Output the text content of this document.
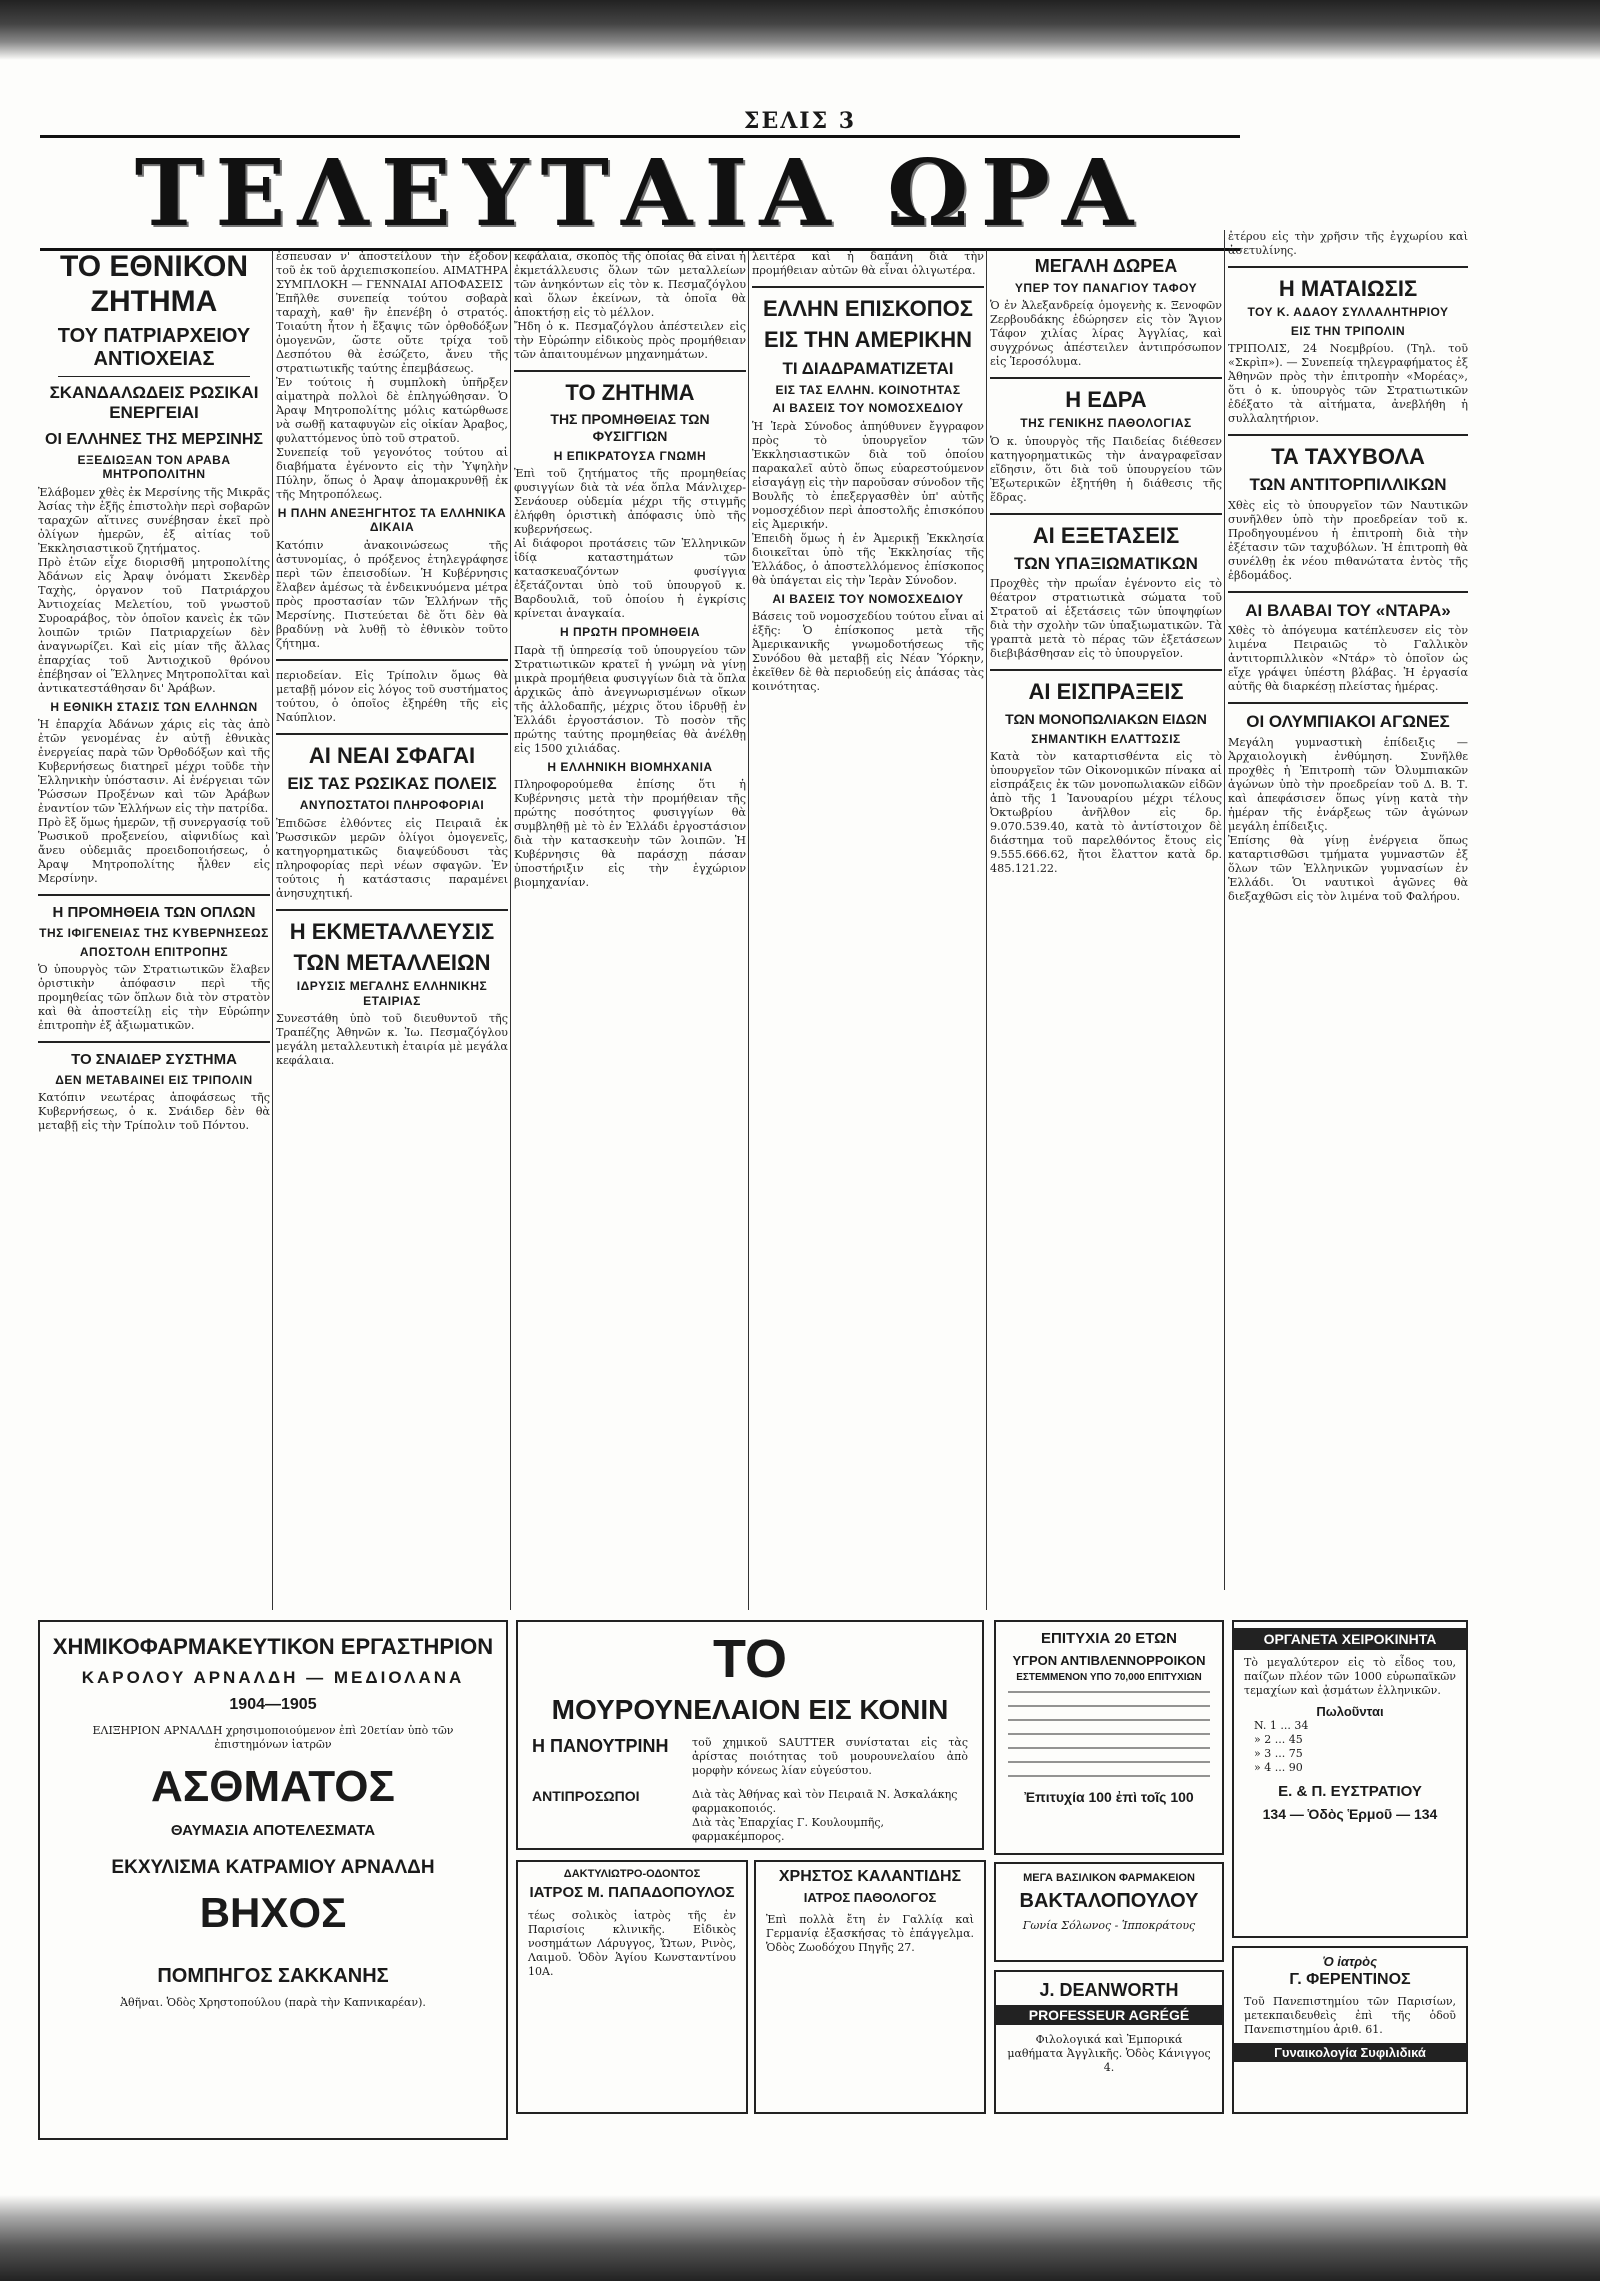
ΣΕΛΙΣ 3
ΤΕΛΕΥΤΑΙΑ ΩΡΑ
ΤΟ ΕΘΝΙΚΟΝ ΖΗΤΗΜΑ
ΤΟΥ ΠΑΤΡΙΑΡΧΕΙΟΥ ΑΝΤΙΟΧΕΙΑΣ
ΣΚΑΝΔΑΛΩΔΕΙΣ ΡΩΣΙΚΑΙ ΕΝΕΡΓΕΙΑΙ
ΟΙ ΕΛΛΗΝΕΣ ΤΗΣ ΜΕΡΣΙΝΗΣ
ΕΞΕΔΙΩΞΑΝ ΤΟΝ ΑΡΑΒΑ ΜΗΤΡΟΠΟΛΙΤΗΝ

Ἐλάβομεν χθὲς ἐκ Μερσίνης τῆς Μικρᾶς Ἀσίας τὴν ἑξῆς ἐπιστολὴν περὶ σοβαρῶν ταραχῶν αἵτινες συνέβησαν ἐκεῖ πρὸ ὀλίγων ἡμερῶν, ἐξ αἰτίας τοῦ Ἐκκλησιαστικοῦ ζητήματος.

Πρὸ ἐτῶν εἶχε διορισθῆ μητροπολίτης Ἀδάνων εἰς Ἀραψ ὀνόματι Σκενδὲρ Ταχὴς, ὀργανον τοῦ Πατριάρχου Ἀντιοχείας Μελετίου, τοῦ γνωστοῦ Συροαράβος, τὸν ὁποῖον κανεὶς ἐκ τῶν λοιπῶν τριῶν Πατριαρχείων δὲν ἀναγνωρίζει. Καὶ εἰς μίαν τῆς ἄλλας ἐπαρχίας τοῦ Ἀντιοχικοῦ θρόνου ἐπέβησαν οἱ Ἕλληνες Μητροπολῖται καὶ ἀντικατεστάθησαν δι' Ἀράβων.

Η ΕΘΝΙΚΗ ΣΤΑΣΙΣ ΤΩΝ ΕΛΛΗΝΩΝ

Ἡ ἐπαρχία Ἀδάνων χάρις εἰς τὰς ἀπὸ ἐτῶν γενομένας ἐν αὐτῇ ἐθνικὰς ἐνεργείας παρὰ τῶν Ὀρθοδόξων καὶ τῆς Κυβερνήσεως διατηρεῖ μέχρι τοῦδε τὴν Ἑλληνικὴν ὑπόστασιν. Αἱ ἐνέργειαι τῶν Ῥώσσων Προξένων καὶ τῶν Ἀράβων ἐναντίον τῶν Ἑλλήνων εἰς τὴν πατρίδα.

Πρὸ ἓξ ὅμως ἡμερῶν, τῇ συνεργασίᾳ τοῦ Ῥωσικοῦ προξενείου, αἰφνιδίως καὶ ἄνευ οὐδεμιᾶς προειδοποιήσεως, ὁ Ἀραψ Μητροπολίτης ἦλθεν εἰς Μερσίνην.

Η ΠΡΟΜΗΘΕΙΑ ΤΩΝ ΟΠΛΩΝ
ΤΗΣ ΙΦΙΓΕΝΕΙΑΣ ΤΗΣ ΚΥΒΕΡΝΗΣΕΩΣ
ΑΠΟΣΤΟΛΗ ΕΠΙΤΡΟΠΗΣ

Ὁ ὑπουργὸς τῶν Στρατιωτικῶν ἔλαβεν ὁριστικὴν ἀπόφασιν περὶ τῆς προμηθείας τῶν ὅπλων διὰ τὸν στρατὸν καὶ θὰ ἀποστείλῃ εἰς τὴν Εὐρώπην ἐπιτροπὴν ἐξ ἀξιωματικῶν.

ΤΟ ΣΝΑΙΔΕΡ ΣΥΣΤΗΜΑ
ΔΕΝ ΜΕΤΑΒΑΙΝΕΙ ΕΙΣ ΤΡΙΠΟΛΙΝ

Κατόπιν νεωτέρας ἀποφάσεως τῆς Κυβερνήσεως, ὁ κ. Σνάιδερ δὲν θὰ μεταβῇ εἰς τὴν Τρίπολιν τοῦ Πόντου.

ἐσπευσαν ν' ἀποστείλουν τὴν ἐξοδον τοῦ ἐκ τοῦ ἀρχιεπισκοπείου. ΑΙΜΑΤΗΡΑ ΣΥΜΠΛΟΚΗ — ΓΕΝΝΑΙΑΙ ΑΠΟΦΑΣΕΙΣ

Ἐπῆλθε συνεπείᾳ τούτου σοβαρὰ ταραχὴ, καθ' ἣν ἐπενέβη ὁ στρατός. Τοιαύτη ἦτον ἡ ἔξαψις τῶν ὀρθοδόξων ὁμογενῶν, ὥστε οὔτε τρίχα τοῦ Δεσπότου θὰ ἐσώζετο, ἄνευ τῆς στρατιωτικῆς ταύτης ἐπεμβάσεως.

Ἐν τούτοις ἡ συμπλοκὴ ὑπῆρξεν αἱματηρὰ πολλοὶ δὲ ἐπληγώθησαν. Ὁ Ἀραψ Μητροπολίτης μόλις κατώρθωσε νὰ σωθῇ καταφυγὼν εἰς οἰκίαν Ἀραβος, φυλαττόμενος ὑπὸ τοῦ στρατοῦ.

Συνεπείᾳ τοῦ γεγονότος τούτου αἱ διαβήματα ἐγένοντο εἰς τὴν Ὑψηλὴν Πύλην, ὅπως ὁ Ἀραψ ἀπομακρυνθῇ ἐκ τῆς Μητροπόλεως.

Η ΠΛΗΝ ΑΝΕΞΗΓΗΤΟΣ ΤΑ ΕΛΛΗΝΙΚΑ ΔΙΚΑΙΑ

Κατόπιν ἀνακοινώσεως τῆς ἀστυνομίας, ὁ πρόξενος ἐτηλεγράφησε περὶ τῶν ἐπεισοδίων. Ἡ Κυβέρνησις ἔλαβεν ἀμέσως τὰ ἐνδεικνυόμενα μέτρα πρὸς προστασίαν τῶν Ἑλλήνων τῆς Μερσίνης. Πιστεύεται δὲ ὅτι δὲν θὰ βραδύνῃ νὰ λυθῇ τὸ ἐθνικὸν τοῦτο ζήτημα.

περιοδείαν. Εἰς Τρίπολιν ὅμως θὰ μεταβῇ μόνον εἰς λόγος τοῦ συστήματος τούτου, ὁ ὁποῖος ἐξηρέθη τῆς εἰς Ναύπλιον.

ΑΙ ΝΕΑΙ ΣΦΑΓΑΙ
ΕΙΣ ΤΑΣ ΡΩΣΙΚΑΣ ΠΟΛΕΙΣ
ΑΝΥΠΟΣΤΑΤΟΙ ΠΛΗΡΟΦΟΡΙΑΙ

Ἐπιδῶσε ἐλθόντες εἰς Πειραιᾶ ἐκ Ῥωσσικῶν μερῶν ὀλίγοι ὁμογενεῖς, κατηγορηματικῶς διαψεύδουσι τὰς πληροφορίας περὶ νέων σφαγῶν. Ἐν τούτοις ἡ κατάστασις παραμένει ἀνησυχητική.

Η ΕΚΜΕΤΑΛΛΕΥΣΙΣ
ΤΩΝ ΜΕΤΑΛΛΕΙΩΝ
ΙΔΡΥΣΙΣ ΜΕΓΑΛΗΣ ΕΛΛΗΝΙΚΗΣ ΕΤΑΙΡΙΑΣ

Συνεστάθη ὑπὸ τοῦ διευθυντοῦ τῆς Τραπέζης Ἀθηνῶν κ. Ἰω. Πεσμαζόγλου μεγάλη μεταλλευτικὴ ἑταιρία μὲ μεγάλα κεφάλαια.

κεφάλαια, σκοπὸς τῆς ὁποίας θὰ εἶναι ἡ ἐκμετάλλευσις ὅλων τῶν μεταλλείων τῶν ἀνηκόντων εἰς τὸν κ. Πεσμαζόγλου καὶ ὅλων ἐκείνων, τὰ ὁποῖα θὰ ἀποκτήσῃ εἰς τὸ μέλλον.

Ἤδη ὁ κ. Πεσμαζόγλου ἀπέστειλεν εἰς τὴν Εὐρώπην εἰδικοὺς πρὸς προμήθειαν τῶν ἀπαιτουμένων μηχανημάτων.

ΤΟ ΖΗΤΗΜΑ
ΤΗΣ ΠΡΟΜΗΘΕΙΑΣ ΤΩΝ ΦΥΣΙΓΓΙΩΝ
Η ΕΠΙΚΡΑΤΟΥΣΑ ΓΝΩΜΗ

Ἐπὶ τοῦ ζητήματος τῆς προμηθείας φυσιγγίων διὰ τὰ νέα ὅπλα Μάνλιχερ-Σενάουερ οὐδεμία μέχρι τῆς στιγμῆς ἐλήφθη ὁριστικὴ ἀπόφασις ὑπὸ τῆς κυβερνήσεως.

Αἱ διάφοροι προτάσεις τῶν Ἑλληνικῶν ἰδίᾳ καταστημάτων τῶν κατασκευαζόντων φυσίγγια ἐξετάζονται ὑπὸ τοῦ ὑπουργοῦ κ. Βαρδουλιᾶ, τοῦ ὁποίου ἡ ἐγκρίσις κρίνεται ἀναγκαία.

Η ΠΡΩΤΗ ΠΡΟΜΗΘΕΙΑ

Παρὰ τῇ ὑπηρεσίᾳ τοῦ ὑπουργείου τῶν Στρατιωτικῶν κρατεῖ ἡ γνώμη νὰ γίνῃ μικρὰ προμήθεια φυσιγγίων διὰ τὰ ὅπλα ἀρχικῶς ἀπὸ ἀνεγνωρισμένων οἴκων τῆς ἀλλοδαπῆς, μέχρις ὅτου ἱδρυθῇ ἐν Ἑλλάδι ἐργοστάσιον. Τὸ ποσὸν τῆς πρώτης ταύτης προμηθείας θὰ ἀνέλθῃ εἰς 1500 χιλιάδας.

Η ΕΛΛΗΝΙΚΗ ΒΙΟΜΗΧΑΝΙΑ

Πληροφορούμεθα ἐπίσης ὅτι ἡ Κυβέρνησις μετὰ τὴν προμήθειαν τῆς πρώτης ποσότητος φυσιγγίων θὰ συμβληθῇ μὲ τὸ ἐν Ἑλλάδι ἐργοστάσιον διὰ τὴν κατασκευὴν τῶν λοιπῶν. Ἡ Κυβέρνησις θὰ παράσχῃ πάσαν ὑποστήριξιν εἰς τὴν ἐγχώριον βιομηχανίαν.

λειτέρα καὶ ἡ δαπάνη διὰ τὴν προμήθειαν αὐτῶν θὰ εἶναι ὀλιγωτέρα.

ΕΛΛΗΝ ΕΠΙΣΚΟΠΟΣ
ΕΙΣ ΤΗΝ ΑΜΕΡΙΚΗΝ
ΤΙ ΔΙΑΔΡΑΜΑΤΙΖΕΤΑΙ
ΕΙΣ ΤΑΣ ΕΛΛΗΝ. ΚΟΙΝΟΤΗΤΑΣ
ΑΙ ΒΑΣΕΙΣ ΤΟΥ ΝΟΜΟΣΧΕΔΙΟΥ

Ἡ Ἱερὰ Σύνοδος ἀπηύθυνεν ἔγγραφον πρὸς τὸ ὑπουργεῖον τῶν Ἐκκλησιαστικῶν διὰ τοῦ ὁποίου παρακαλεῖ αὐτὸ ὅπως εὐαρεστούμενον εἰσαγάγῃ εἰς τὴν παροῦσαν σύνοδον τῆς Βουλῆς τὸ ἐπεξεργασθὲν ὑπ' αὐτῆς νομοσχέδιον περὶ ἀποστολῆς ἐπισκόπου εἰς Ἀμερικήν.

Ἐπειδὴ ὅμως ἡ ἐν Ἀμερικῇ Ἐκκλησία διοικεῖται ὑπὸ τῆς Ἐκκλησίας τῆς Ἑλλάδος, ὁ ἀποστελλόμενος ἐπίσκοπος θὰ ὑπάγεται εἰς τὴν Ἱερὰν Σύνοδον.

ΑΙ ΒΑΣΕΙΣ ΤΟΥ ΝΟΜΟΣΧΕΔΙΟΥ

Βάσεις τοῦ νομοσχεδίου τούτου εἶναι αἱ ἑξῆς: Ὁ ἐπίσκοπος μετὰ τῆς Ἀμερικανικῆς γνωμοδοτήσεως τῆς Συνόδου θὰ μεταβῇ εἰς Νέαν Ὑόρκην, ἐκεῖθεν δὲ θὰ περιοδεύῃ εἰς ἁπάσας τὰς κοινότητας.

ΜΕΓΑΛΗ ΔΩΡΕΑ
ΥΠΕΡ ΤΟΥ ΠΑΝΑΓΙΟΥ ΤΑΦΟΥ

Ὁ ἐν Ἀλεξανδρείᾳ ὁμογενὴς κ. Ξενοφῶν Ζερβουδάκης ἐδώρησεν εἰς τὸν Ἅγιον Τάφον χιλίας λίρας Ἀγγλίας, καὶ συγχρόνως ἀπέστειλεν ἀντιπρόσωπον εἰς Ἱεροσόλυμα.

Η ΕΔΡΑ
ΤΗΣ ΓΕΝΙΚΗΣ ΠΑΘΟΛΟΓΙΑΣ

Ὁ κ. ὑπουργὸς τῆς Παιδείας διέθεσεν κατηγορηματικῶς τὴν ἀναγραφεῖσαν εἴδησιν, ὅτι διὰ τοῦ ὑπουργείου τῶν Ἐξωτερικῶν ἐξητήθη ἡ διάθεσις τῆς ἕδρας.

ΑΙ ΕΞΕΤΑΣΕΙΣ
ΤΩΝ ΥΠΑΞΙΩΜΑΤΙΚΩΝ

Προχθὲς τὴν πρωΐαν ἐγένοντο εἰς τὸ θέατρον στρατιωτικὰ σώματα τοῦ Στρατοῦ αἱ ἐξετάσεις τῶν ὑποψηφίων διὰ τὴν σχολὴν τῶν ὑπαξιωματικῶν. Τὰ γραπτὰ μετὰ τὸ πέρας τῶν ἐξετάσεων διεβιβάσθησαν εἰς τὸ ὑπουργεῖον.

ΑΙ ΕΙΣΠΡΑΞΕΙΣ
ΤΩΝ ΜΟΝΟΠΩΛΙΑΚΩΝ ΕΙΔΩΝ
ΣΗΜΑΝΤΙΚΗ ΕΛΑΤΤΩΣΙΣ

Κατὰ τὸν καταρτισθέντα εἰς τὸ ὑπουργεῖον τῶν Οἰκονομικῶν πίνακα αἱ εἰσπράξεις ἐκ τῶν μονοπωλιακῶν εἰδῶν ἀπὸ τῆς 1 Ἰανουαρίου μέχρι τέλους Ὀκτωβρίου ἀνῆλθον εἰς δρ. 9.070.539.40, κατὰ τὸ ἀντίστοιχον δὲ διάστημα τοῦ παρελθόντος ἔτους εἰς 9.555.666.62, ἤτοι ἔλαττον κατὰ δρ. 485.121.22.

ἐτέρου εἰς τὴν χρῆσιν τῆς ἐγχωρίου καὶ ἀσετυλίνης.

Η ΜΑΤΑΙΩΣΙΣ
ΤΟΥ Κ. ΑΔΑΟΥ ΣΥΛΛΑΛΗΤΗΡΙΟΥ
ΕΙΣ ΤΗΝ ΤΡΙΠΟΛΙΝ

ΤΡΙΠΟΛΙΣ, 24 Νοεμβρίου. (Τηλ. τοῦ «Σκρὶπ»). — Συνεπείᾳ τηλεγραφήματος ἐξ Ἀθηνῶν πρὸς τὴν ἐπιτροπὴν «Μορέας», ὅτι ὁ κ. ὑπουργὸς τῶν Στρατιωτικῶν ἐδέξατο τὰ αἰτήματα, ἀνεβλήθη ἡ συλλαλητήριον.

ΤΑ ΤΑΧΥΒΟΛΑ
ΤΩΝ ΑΝΤΙΤΟΡΠΙΛΛΙΚΩΝ

Χθὲς εἰς τὸ ὑπουργεῖον τῶν Ναυτικῶν συνῆλθεν ὑπὸ τὴν προεδρείαν τοῦ κ. Προδηγουμένου ἡ ἐπιτροπὴ διὰ τὴν ἐξέτασιν τῶν ταχυβόλων. Ἡ ἐπιτροπὴ θὰ συνέλθῃ ἐκ νέου πιθανώτατα ἐντὸς τῆς ἑβδομάδος.

ΑΙ ΒΛΑΒΑΙ ΤΟΥ «ΝΤΑΡΑ»

Χθὲς τὸ ἀπόγευμα κατέπλευσεν εἰς τὸν λιμένα Πειραιῶς τὸ Γαλλικὸν ἀντιτορπιλλικὸν «Ντάρ» τὸ ὁποῖον ὡς εἴχε γράψει ὑπέστη βλάβας. Ἡ ἐργασία αὐτῆς θὰ διαρκέσῃ πλείστας ἡμέρας.

ΟΙ ΟΛΥΜΠΙΑΚΟΙ ΑΓΩΝΕΣ

Μεγάλη γυμναστικὴ ἐπίδειξις — Ἀρχαιολογικὴ ἐνθύμηση. Συνῆλθε προχθὲς ἡ Ἐπιτροπὴ τῶν Ὀλυμπιακῶν ἀγώνων ὑπὸ τὴν προεδρείαν τοῦ Δ. Β. Τ. καὶ ἀπεφάσισεν ὅπως γίνῃ κατὰ τὴν ἡμέραν τῆς ἐνάρξεως τῶν ἀγώνων μεγάλη ἐπίδειξις.

Ἐπίσης θὰ γίνῃ ἐνέργεια ὅπως καταρτισθῶσι τμήματα γυμναστῶν ἐξ ὅλων τῶν Ἑλληνικῶν γυμνασίων ἐν Ἑλλάδι. Ὁι ναυτικοὶ ἀγῶνες θὰ διεξαχθῶσι εἰς τὸν λιμένα τοῦ Φαλήρου.

ΧΗΜΙΚΟΦΑΡΜΑΚΕΥΤΙΚΟΝ ΕΡΓΑΣΤΗΡΙΟΝ
ΚΑΡΟΛΟΥ ΑΡΝΑΛΔΗ — ΜΕΔΙΟΛΑΝΑ
1904—1905
ΕΛΙΞΗΡΙΟΝ ΑΡΝΑΛΔΗ χρησιμοποιούμενον ἐπὶ 20ετίαν ὑπὸ τῶν ἐπιστημόνων ἰατρῶν
ΑΣΘΜΑΤΟΣ
ΘΑΥΜΑΣΙΑ ΑΠΟΤΕΛΕΣΜΑΤΑ
ΕΚΧΥΛΙΣΜΑ ΚΑΤΡΑΜΙΟΥ ΑΡΝΑΛΔΗ
ΒΗΧΟΣ
ΠΟΜΠΗΓΟΣ ΣΑΚΚΑΝΗΣ
Ἀθῆναι. Ὁδὸς Χρηστοπούλου (παρὰ τὴν Καπνικαρέαν).
ΤΟ
ΜΟΥΡΟΥΝΕΛΑΙΟΝ ΕΙΣ ΚΟΝΙΝ
Η ΠΑΝΟΥΤΡΙΝΗ	τοῦ χημικοῦ SAUTTER συνίσταται εἰς τὰς ἀρίστας ποιότητας τοῦ μουρουνελαίου ἀπὸ μορφὴν κόνεως λίαν εὐγεύστου.
ΑΝΤΙΠΡΟΣΩΠΟΙ	Διὰ τὰς Ἀθήνας καὶ τὸν Πειραιᾶ Ν. Ἀσκαλάκης φαρμακοποιός.
Διὰ τὰς Ἐπαρχίας Γ. Κουλουμπῆς, φαρμακέμπορος.
ΕΠΙΤΥΧΙΑ 20 ΕΤΩΝ
ΥΓΡΟΝ ΑΝΤΙΒΛΕΝΝΟΡΡΟΙΚΟΝ
ΕΣΤΕΜΜΕΝΟΝ ΥΠΟ 70,000 ΕΠΙΤΥΧΙΩΝ
Ἐπιτυχία 100 ἐπὶ τοῖς 100
ΟΡΓΑΝΕΤΑ ΧΕΙΡΟΚΙΝΗΤΑ
Τὸ μεγαλύτερον εἰς τὸ εἶδος του, παίζων πλέον τῶν 1000 εὐρωπαϊκῶν τεμαχίων καὶ ᾀσμάτων ἑλληνικῶν.
Πωλοῦνται
N. 1 ... 34
» 2 ... 45
» 3 ... 75
» 4 ... 90
Ε. & Π. ΕΥΣΤΡΑΤΙΟΥ
134 — Ὁδὸς Ἑρμοῦ — 134
Ὁ ἰατρὸς
Γ. ΦΕΡΕΝΤΙΝΟΣ
Τοῦ Πανεπιστημίου τῶν Παρισίων, μετεκπαιδευθεὶς ἐπὶ τῆς ὁδοῦ Πανεπιστημίου ἀριθ. 61.
Γυναικολογία Συφιλιδικά
ΜΕΓΑ ΒΑΣΙΛΙΚΟΝ ΦΑΡΜΑΚΕΙΟΝ
ΒΑΚΤΑΛΟΠΟΥΛΟΥ
Γωνία Σόλωνος - Ἱπποκράτους
ΔΑΚΤΥΛΙΩΤΡΟ-ΟΔΟΝΤΟΣ
ΙΑΤΡΟΣ Μ. ΠΑΠΑΔΟΠΟΥΛΟΣ
τέως σολικὸς ἰατρὸς τῆς ἐν Παρισίοις κλινικῆς. Εἰδικὸς νοσημάτων Λάρυγγος, Ὤτων, Ρινὸς, Λαιμοῦ. Ὁδὸν Ἁγίου Κωνσταντίνου 10Α.
ΧΡΗΣΤΟΣ ΚΑΛΑΝΤΙΔΗΣ
ΙΑΤΡΟΣ ΠΑΘΟΛΟΓΟΣ
Ἐπὶ πολλὰ ἔτη ἐν Γαλλίᾳ καὶ Γερμανίᾳ ἐξασκήσας τὸ ἐπάγγελμα. Ὁδὸς Ζωοδόχου Πηγῆς 27.
J. DEANWORTH
PROFESSEUR AGRÉGÉ
Φιλολογικά καὶ Ἐμπορικά μαθήματα Ἀγγλικῆς. Ὁδὸς Κάνιγγος 4.
